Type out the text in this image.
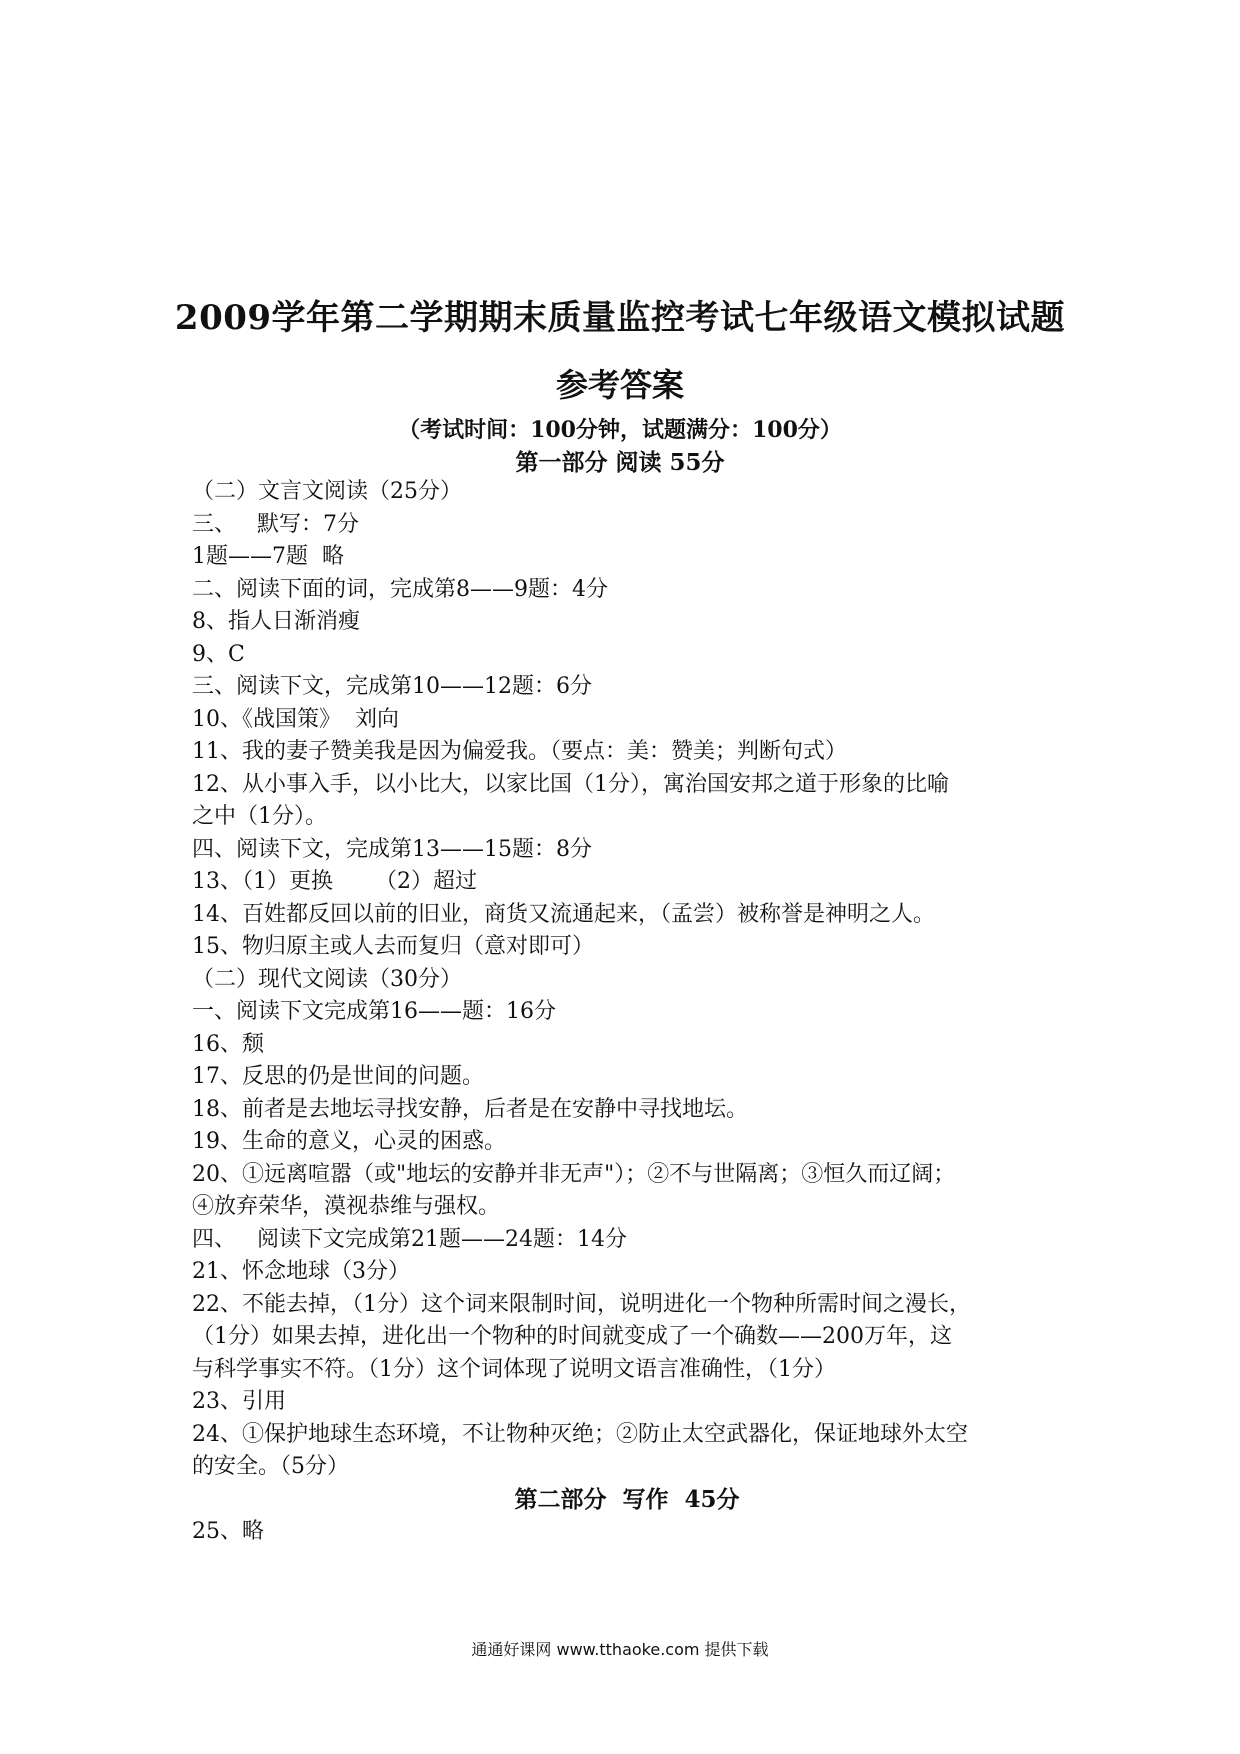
2009学年第二学期期末质量监控考试七年级语文模拟试题
参考答案
（考试时间：100分钟，试题满分：100分）
第一部分 阅读 55分
（二）文言文阅读（25分）
三、   默写：7分
1题——7题  略
二、阅读下面的词，完成第8——9题：4分
8、指人日渐消瘦
9、C
三、阅读下文，完成第10——12题：6分
10、《战国策》  刘向
11、我的妻子赞美我是因为偏爱我。（要点：美：赞美；判断句式）
12、从小事入手，以小比大，以家比国（1分），寓治国安邦之道于形象的比喻
之中（1分）。
四、阅读下文，完成第13——15题：8分
13、（1）更换      （2）超过
14、百姓都反回以前的旧业，商货又流通起来，（孟尝）被称誉是神明之人。
15、物归原主或人去而复归（意对即可）
（二）现代文阅读（30分）
一、阅读下文完成第16——题：16分
16、颓
17、反思的仍是世间的问题。
18、前者是去地坛寻找安静，后者是在安静中寻找地坛。
19、生命的意义，心灵的困惑。
20、①远离喧嚣（或"地坛的安静并非无声"）；②不与世隔离；③恒久而辽阔；
④放弃荣华，漠视恭维与强权。
四、   阅读下文完成第21题——24题：14分
21、怀念地球（3分）
22、不能去掉，（1分）这个词来限制时间，说明进化一个物种所需时间之漫长，
（1分）如果去掉，进化出一个物种的时间就变成了一个确数——200万年，这
与科学事实不符。（1分）这个词体现了说明文语言准确性，（1分）
23、引用
24、①保护地球生态环境，不让物种灭绝；②防止太空武器化，保证地球外太空
的安全。（5分）
第二部分  写作  45分
25、略
通通好课网 www.tthaoke.com 提供下载
